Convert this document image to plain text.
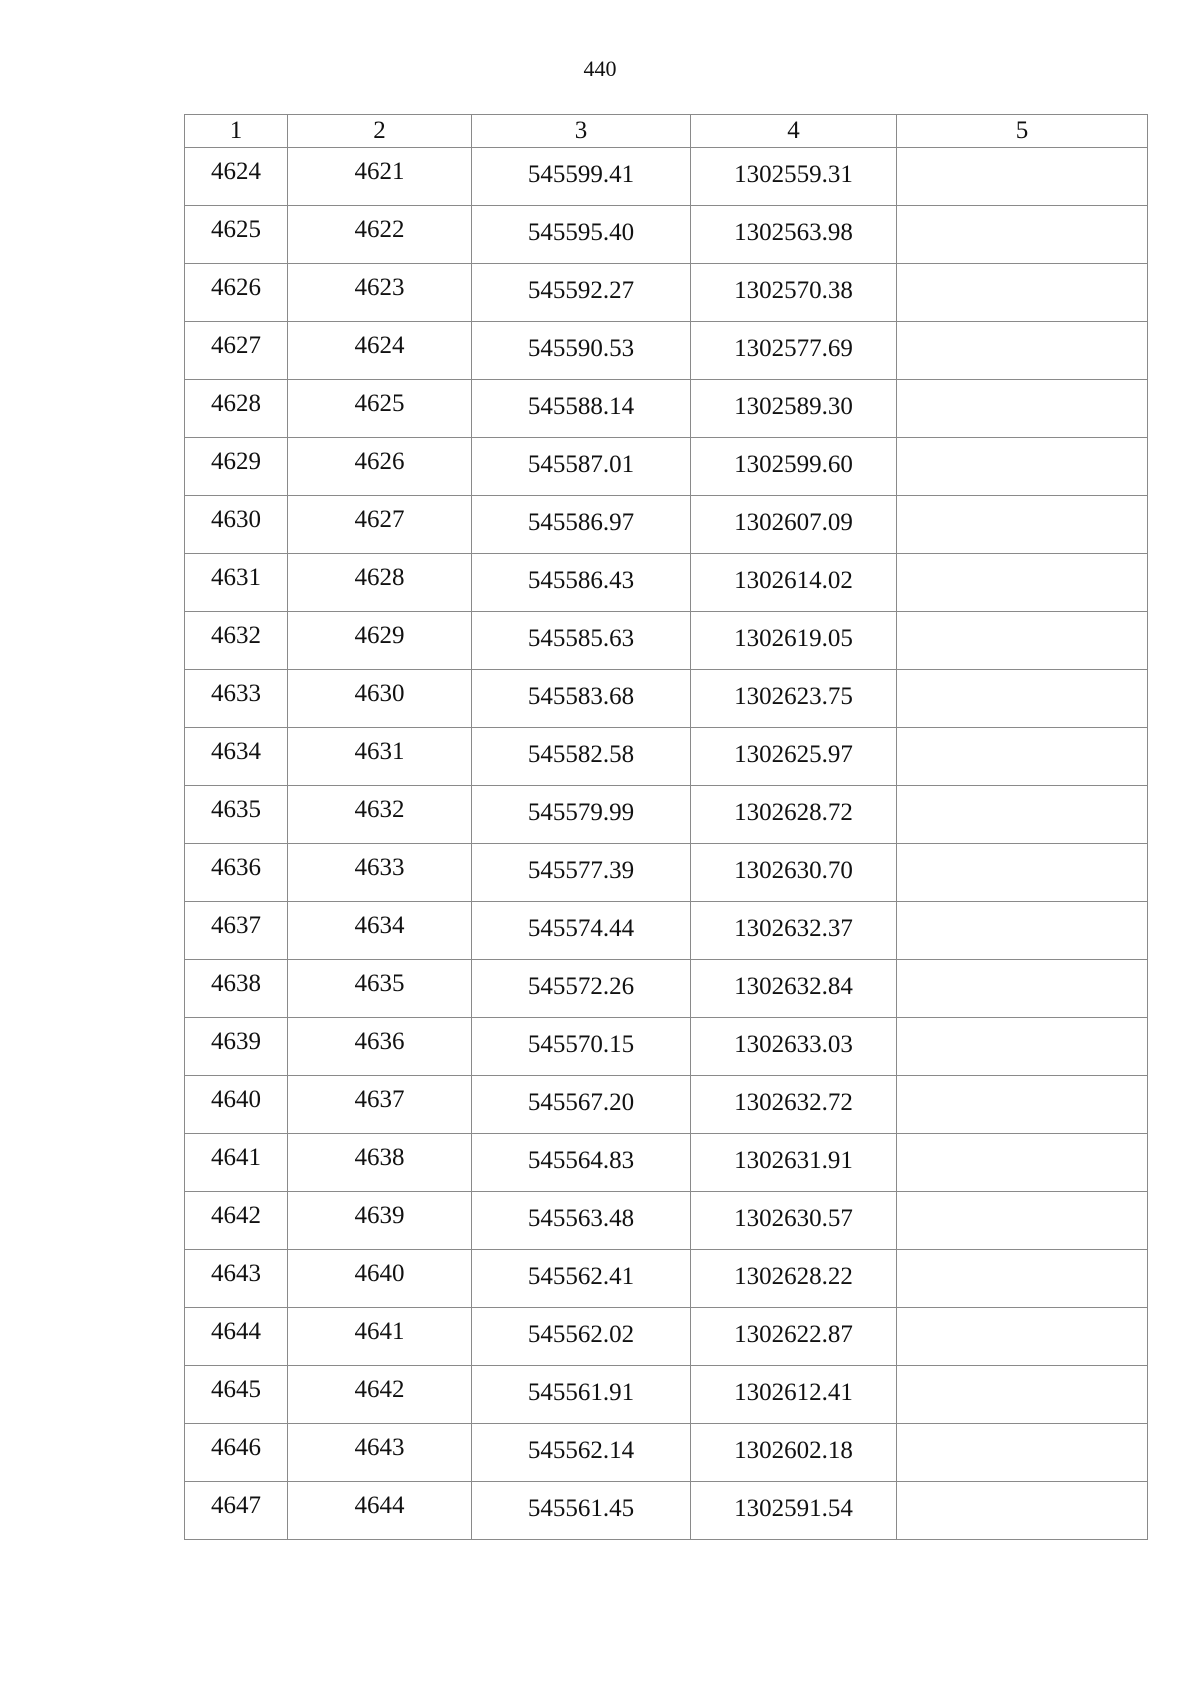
440
1	2	3	4	5
4624	4621	545599.41	1302559.31	
4625	4622	545595.40	1302563.98	
4626	4623	545592.27	1302570.38	
4627	4624	545590.53	1302577.69	
4628	4625	545588.14	1302589.30	
4629	4626	545587.01	1302599.60	
4630	4627	545586.97	1302607.09	
4631	4628	545586.43	1302614.02	
4632	4629	545585.63	1302619.05	
4633	4630	545583.68	1302623.75	
4634	4631	545582.58	1302625.97	
4635	4632	545579.99	1302628.72	
4636	4633	545577.39	1302630.70	
4637	4634	545574.44	1302632.37	
4638	4635	545572.26	1302632.84	
4639	4636	545570.15	1302633.03	
4640	4637	545567.20	1302632.72	
4641	4638	545564.83	1302631.91	
4642	4639	545563.48	1302630.57	
4643	4640	545562.41	1302628.22	
4644	4641	545562.02	1302622.87	
4645	4642	545561.91	1302612.41	
4646	4643	545562.14	1302602.18	
4647	4644	545561.45	1302591.54	
